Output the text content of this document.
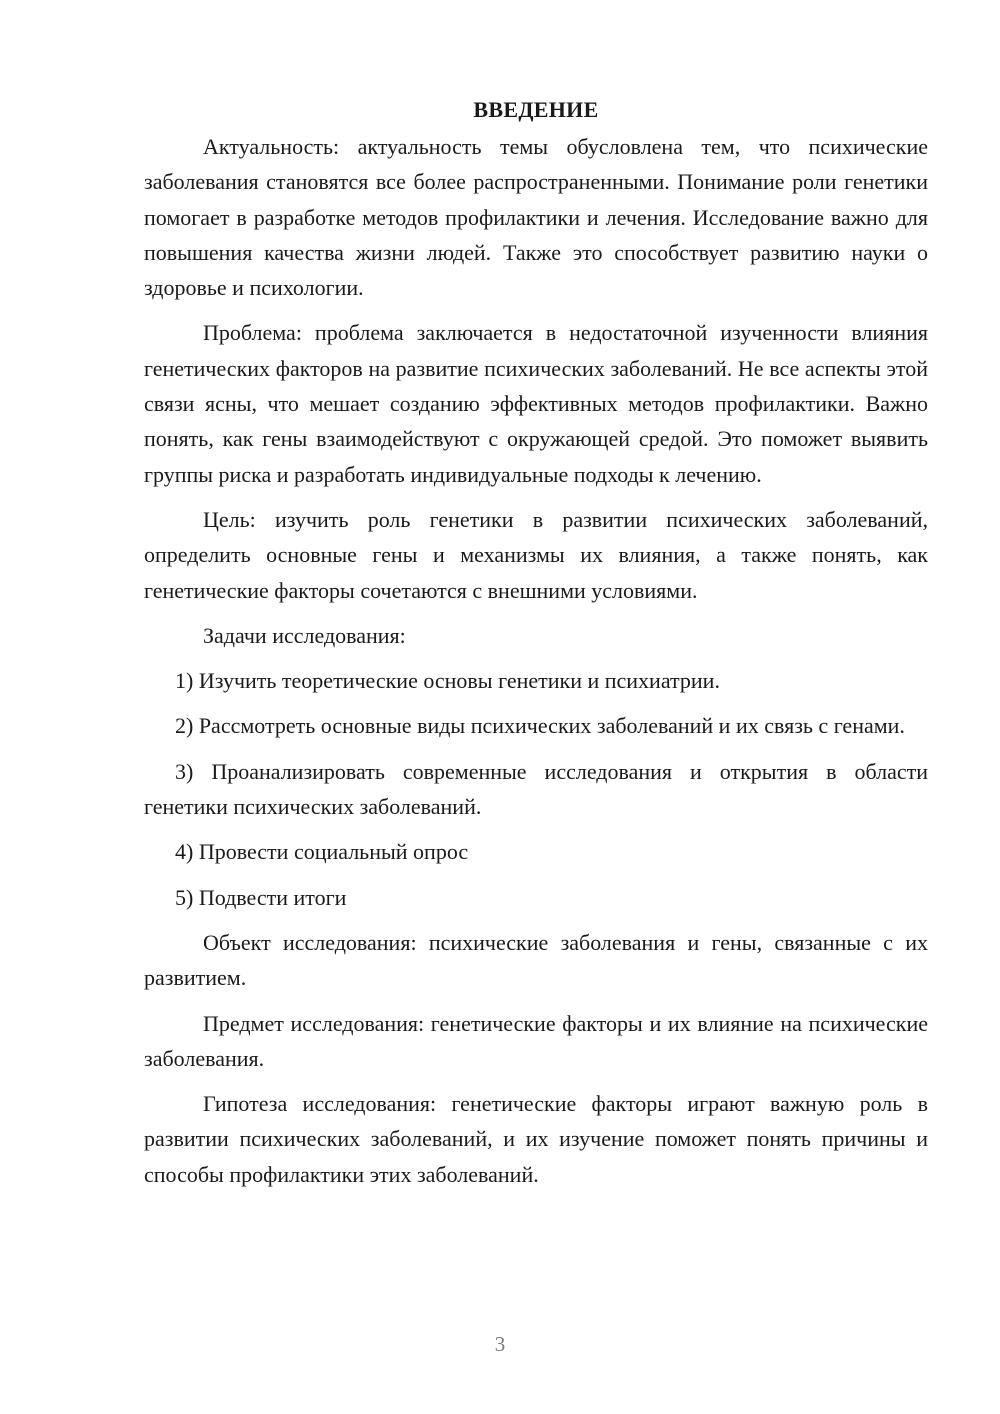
ВВЕДЕНИЕ

Актуальность: актуальность темы обусловлена тем, что психические заболевания становятся все более распространенными. Понимание роли генетики помогает в разработке методов профилактики и лечения. Исследование важно для повышения качества жизни людей. Также это способствует развитию науки о здоровье и психологии.

Проблема: проблема заключается в недостаточной изученности влияния генетических факторов на развитие психических заболеваний. Не все аспекты этой связи ясны, что мешает созданию эффективных методов профилактики. Важно понять, как гены взаимодействуют с окружающей средой. Это поможет выявить группы риска и разработать индивидуальные подходы к лечению.

Цель: изучить роль генетики в развитии психических заболеваний, определить основные гены и механизмы их влияния, а также понять, как генетические факторы сочетаются с внешними условиями.

Задачи исследования:

1) Изучить теоретические основы генетики и психиатрии.

2) Рассмотреть основные виды психических заболеваний и их связь с генами.

3) Проанализировать современные исследования и открытия в области генетики психических заболеваний.

4) Провести социальный опрос

5) Подвести итоги

Объект исследования: психические заболевания и гены, связанные с их развитием.

Предмет исследования: генетические факторы и их влияние на психические заболевания.

Гипотеза исследования: генетические факторы играют важную роль в развитии психических заболеваний, и их изучение поможет понять причины и способы профилактики этих заболеваний.

3
